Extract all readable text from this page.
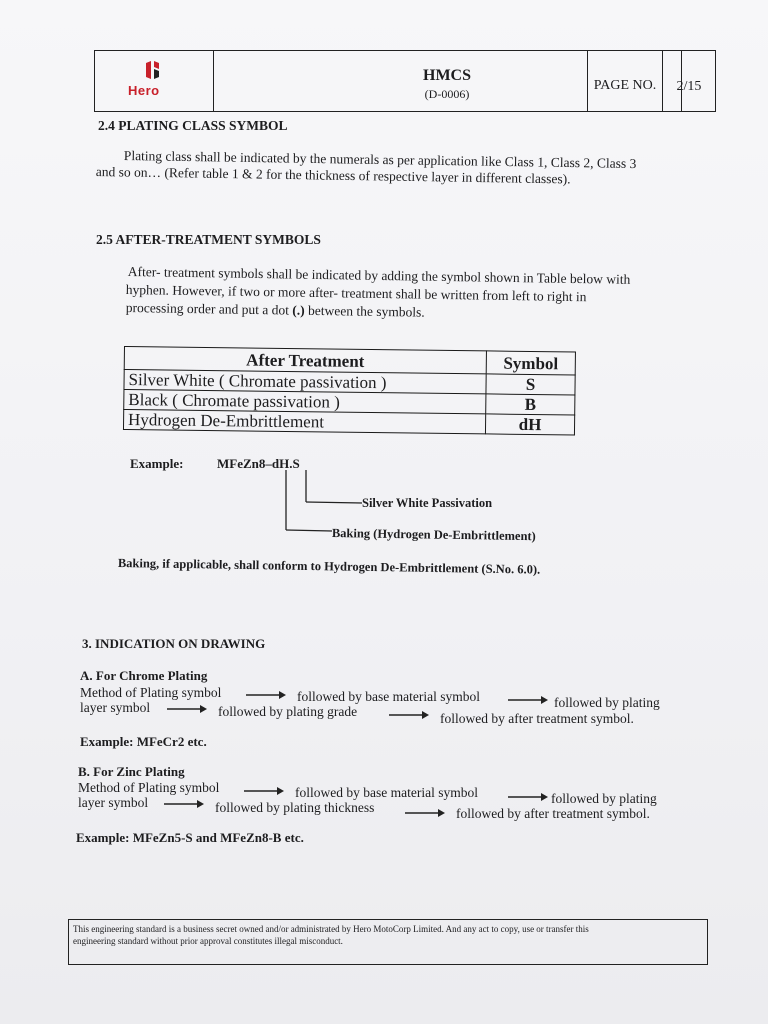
Hero
HMCS
(D-0006)
PAGE NO.	2/15
2.4 PLATING CLASS SYMBOL
Plating class shall be indicated by the numerals as per application like Class 1, Class 2, Class 3
and so on… (Refer table 1 & 2 for the thickness of respective layer in different classes).
2.5 AFTER-TREATMENT SYMBOLS
After- treatment symbols shall be indicated by adding the symbol shown in Table below with
hyphen. However, if two or more after- treatment shall be written from left to right in
processing order and put a dot (.) between the symbols.
After Treatment	Symbol
Silver White ( Chromate passivation )	S
Black ( Chromate passivation )	B
Hydrogen De-Embrittlement	dH
Example:	MFeZn8–dH.S
Silver White Passivation
Baking (Hydrogen De-Embrittlement)
Baking, if applicable, shall conform to Hydrogen De-Embrittlement (S.No. 6.0).
3. INDICATION ON DRAWING
A. For Chrome Plating
Method of Plating symbol	followed by base material symbol	followed by plating
layer symbol	followed by plating grade	followed by after treatment symbol.
Example: MFeCr2 etc.
B. For Zinc Plating
Method of Plating symbol	followed by base material symbol	followed by plating
layer symbol	followed by plating thickness	followed by after treatment symbol.
Example: MFeZn5-S and MFeZn8-B etc.
This engineering standard is a business secret owned and/or administrated by Hero MotoCorp Limited. And any act to copy, use or transfer this
engineering standard without prior approval constitutes illegal misconduct.
